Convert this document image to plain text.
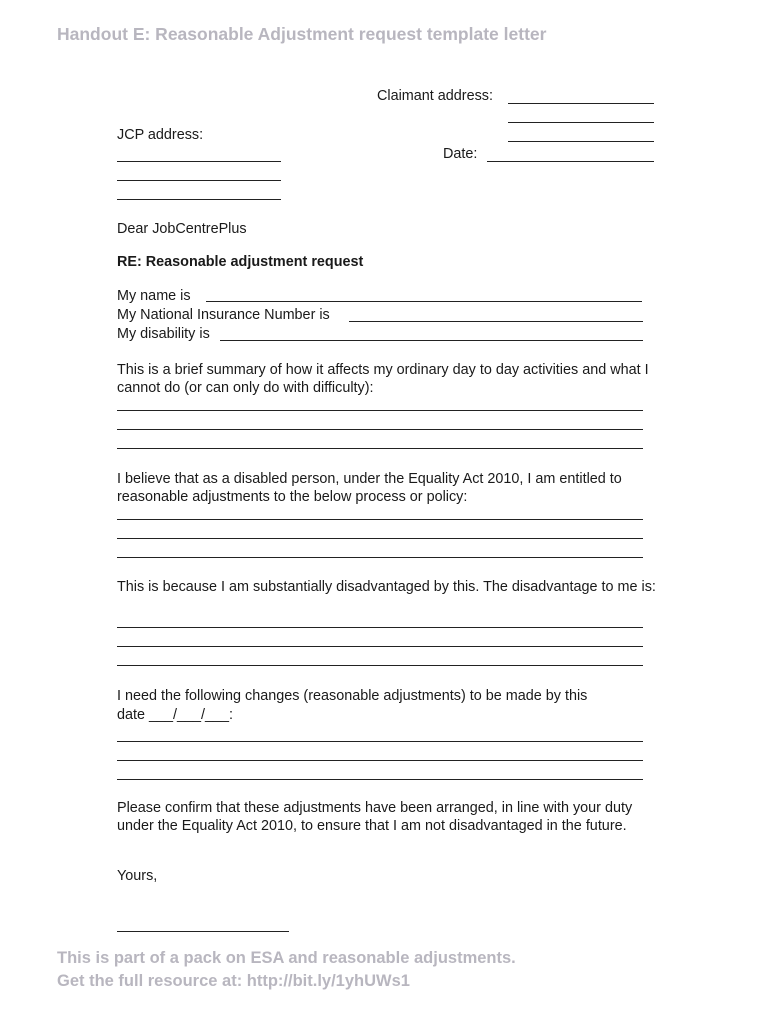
Handout E: Reasonable Adjustment request template letter
Claimant address:
JCP address:
Date:
Dear JobCentrePlus
RE: Reasonable adjustment request
My name is
My National Insurance Number is
My disability is
This is a brief summary of how it affects my ordinary day to day activities and what I cannot do (or can only do with difficulty):
I believe that as a disabled person, under the Equality Act 2010, I am entitled to reasonable adjustments to the below process or policy:
This is because I am substantially disadvantaged by this. The disadvantage to me is:
I need the following changes (reasonable adjustments) to be made by this
date ___/___/___:
Please confirm that these adjustments have been arranged, in line with your duty under the Equality Act 2010, to ensure that I am not disadvantaged in the future.
Yours,
This is part of a pack on ESA and reasonable adjustments.
Get the full resource at: http://bit.ly/1yhUWs1
